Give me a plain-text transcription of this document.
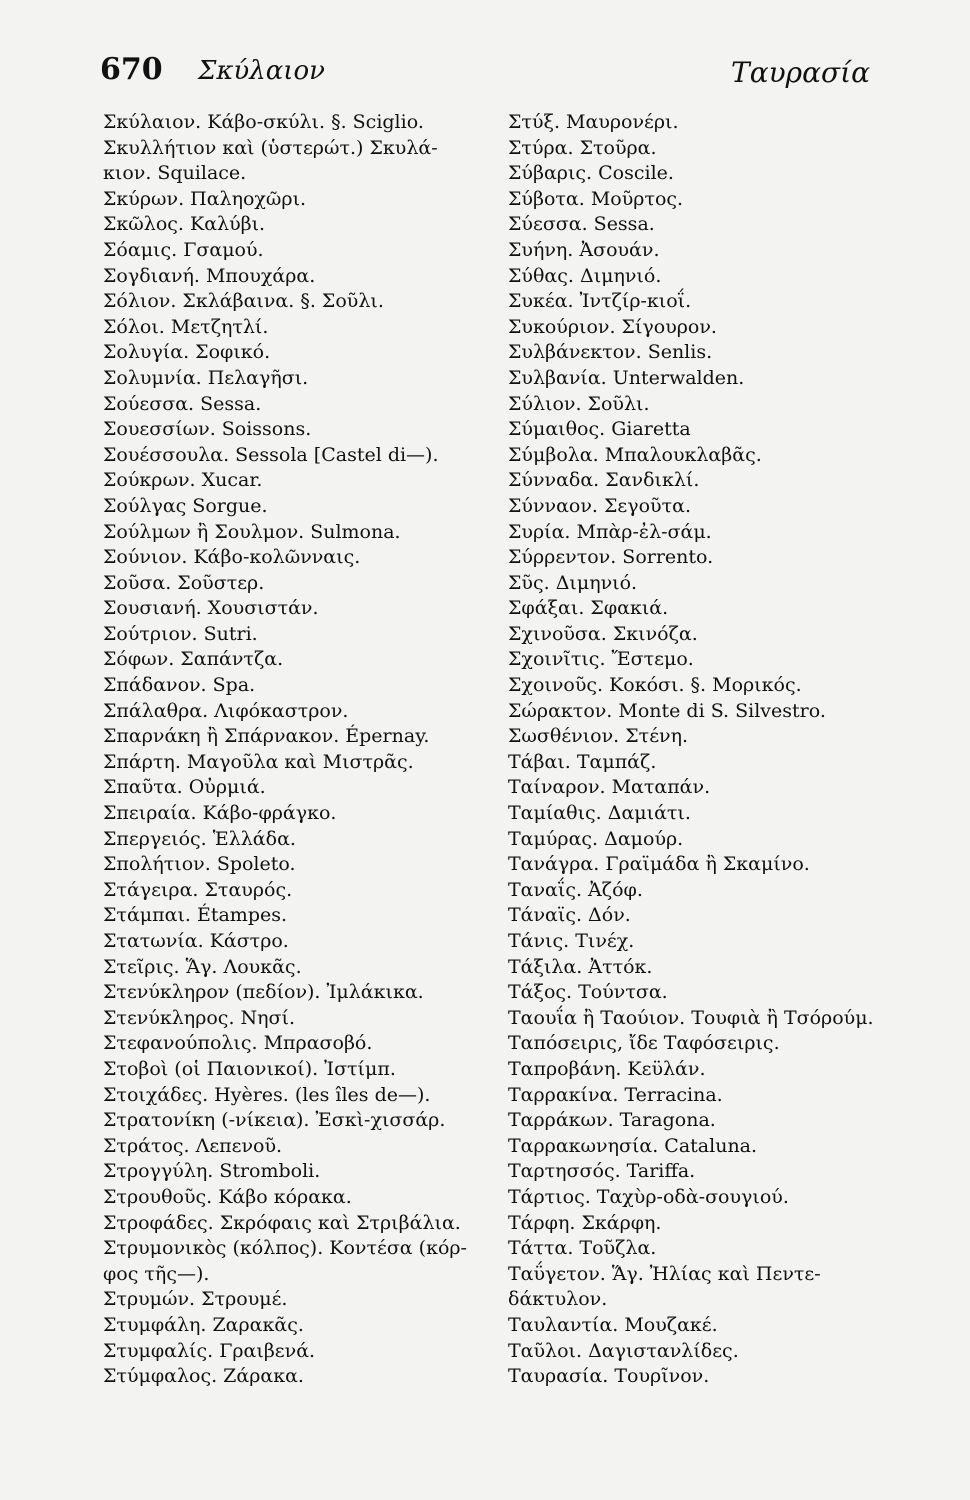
670 Σκύλαιον	Ταυρασία
Σκύλαιον. Κάβο-σκύλι. §. Sciglio.
Σκυλλήτιον καὶ (ὑστερώτ.) Σκυλά-
κιον. Squilace.
Σκύρων. Παληοχῶρι.
Σκῶλος. Καλύβι.
Σόαμις. Γσαμού.
Σογδιανή. Μπουχάρα.
Σόλιον. Σκλάβαινα. §. Σοῦλι.
Σόλοι. Μετζητλί.
Σολυγία. Σοφικό.
Σολυμνία. Πελαγῆσι.
Σούεσσα. Sessa.
Σουεσσίων. Soissons.
Σουέσσουλα. Sessola [Castel di—).
Σούκρων. Xucar.
Σούλγας Sorgue.
Σούλμων ἢ Σουλμον. Sulmona.
Σούνιον. Κάβο-κολῶνναις.
Σοῦσα. Σοῦστερ.
Σουσιανή. Χουσιστάν.
Σούτριον. Sutri.
Σόφων. Σαπάντζα.
Σπάδανον. Spa.
Σπάλαθρα. Λιφόκαστρον.
Σπαρνάκη ἢ Σπάρνακον. Épernay.
Σπάρτη. Μαγοῦλα καὶ Μιστρᾶς.
Σπαῦτα. Οὐρμιά.
Σπειραία. Κάβο-φράγκο.
Σπεργειός. Ἑλλάδα.
Σπολήτιον. Spoleto.
Στάγειρα. Σταυρός.
Στάμπαι. Étampes.
Στατωνία. Κάστρο.
Στεῖρις. Ἅγ. Λουκᾶς.
Στενύκληρον (πεδίον). Ἰμλάκικα.
Στενύκληρος. Νησί.
Στεφανούπολις. Μπρασοβό.
Στοβοὶ (οἱ Παιονικοί). Ἰστίμπ.
Στοιχάδες. Hyères. (les îles de—).
Στρατονίκη (-νίκεια). Ἐσκὶ-χισσάρ.
Στράτος. Λεπενοῦ.
Στρογγύλη. Stromboli.
Στρουθοῦς. Κάβο κόρακα.
Στροφάδες. Σκρόφαις καὶ Στριβάλια.
Στρυμονικὸς (κόλπος). Κοντέσα (κόρ-
φος τῆς—).
Στρυμών. Στρουμέ.
Στυμφάλη. Ζαρακᾶς.
Στυμφαλίς. Γραιβενά.
Στύμφαλος. Ζάρακα.
Στύξ. Μαυρονέρι.
Στύρα. Στοῦρα.
Σύβαρις. Coscile.
Σύβοτα. Μοῦρτος.
Σύεσσα. Sessa.
Συήνη. Ἀσουάν.
Σύθας. Διμηνιό.
Συκέα. Ἰντζίρ-κιοΐ.
Συκούριον. Σίγουρον.
Συλβάνεκτον. Senlis.
Συλβανία. Unterwalden.
Σύλιον. Σοῦλι.
Σύμαιθος. Giaretta
Σύμβολα. Μπαλουκλαβᾶς.
Σύνναδα. Σανδικλί.
Σύνναον. Σεγοῦτα.
Συρία. Μπὰρ-ἐλ-σάμ.
Σύρρεντον. Sorrento.
Σῦς. Διμηνιό.
Σφάξαι. Σφακιά.
Σχινοῦσα. Σκινόζα.
Σχοινῖτις. Ἔστεμο.
Σχοινοῦς. Κοκόσι. §. Μορικός.
Σώρακτον. Monte di S. Silvestro.
Σωσθένιον. Στένη.
Τάβαι. Ταμπάζ.
Ταίναρον. Ματαπάν.
Ταμίαθις. Δαμιάτι.
Ταμύρας. Δαμούρ.
Τανάγρα. Γραϊμάδα ἢ Σκαμίνο.
Ταναΐς. Ἀζόφ.
Τάναϊς. Δόν.
Τάνις. Τινέχ.
Τάξιλα. Ἀττόκ.
Τάξος. Τούντσα.
Ταουΐα ἢ Ταούιον. Τουφιὰ ἢ Τσόρούμ.
Ταπόσειρις, ἴδε Ταφόσειρις.
Ταπροβάνη. Κεϋλάν.
Ταρρακίνα. Terracina.
Ταρράκων. Taragona.
Ταρρακωνησία. Cataluna.
Ταρτησσός. Tariffa.
Τάρτιος. Ταχὺρ-οδὰ-σουγιού.
Τάρφη. Σκάρφη.
Τάττα. Τοῦζλα.
Ταΰγετον. Ἅγ. Ἠλίας καὶ Πεντε-
δάκτυλον.
Ταυλαντία. Μουζακέ.
Ταῦλοι. Δαγιστανλίδες.
Ταυρασία. Τουρῖνον.
